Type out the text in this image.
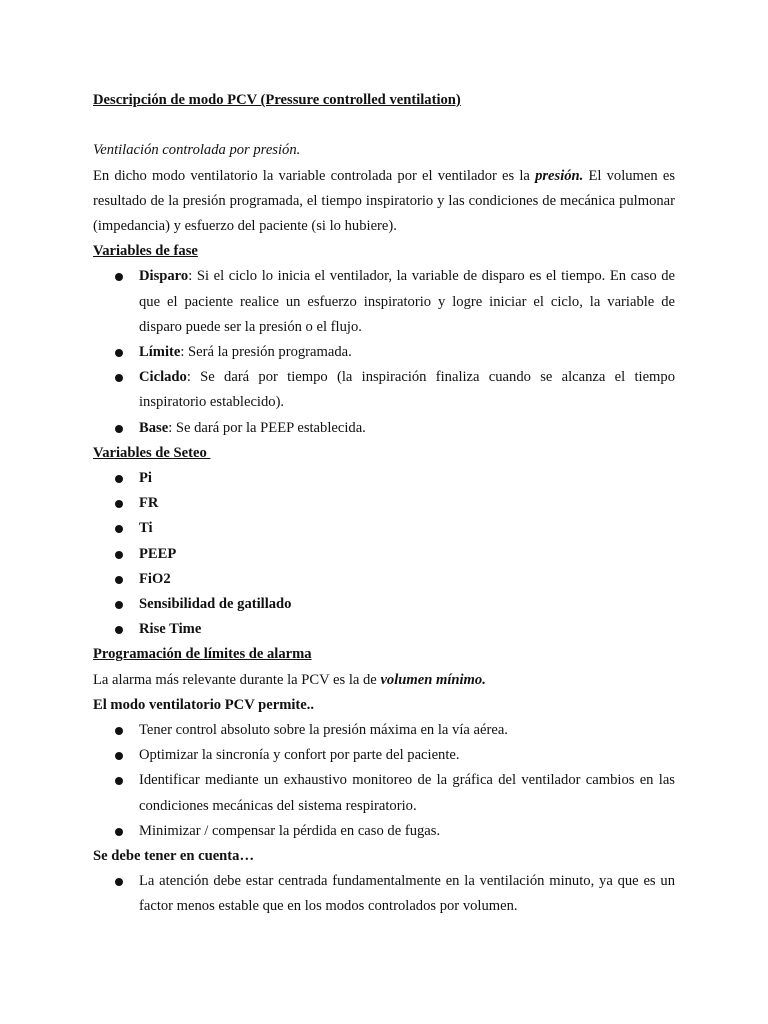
Descripción de modo PCV (Pressure controlled ventilation)

Ventilación controlada por presión.

En dicho modo ventilatorio la variable controlada por el ventilador es la presión. El volumen es resultado de la presión programada, el tiempo inspiratorio y las condiciones de mecánica pulmonar (impedancia) y esfuerzo del paciente (si lo hubiere).

Variables de fase

Disparo: Si el ciclo lo inicia el ventilador, la variable de disparo es el tiempo. En caso de que el paciente realice un esfuerzo inspiratorio y logre iniciar el ciclo, la variable de disparo puede ser la presión o el flujo.
Límite: Será la presión programada.
Ciclado: Se dará por tiempo (la inspiración finaliza cuando se alcanza el tiempo inspiratorio establecido).
Base: Se dará por la PEEP establecida.

Variables de Seteo

Pi
FR
Ti
PEEP
FiO2
Sensibilidad de gatillado
Rise Time

Programación de límites de alarma

La alarma más relevante durante la PCV es la de volumen mínimo.

El modo ventilatorio PCV permite..

Tener control absoluto sobre la presión máxima en la vía aérea.
Optimizar la sincronía y confort por parte del paciente.
Identificar mediante un exhaustivo monitoreo de la gráfica del ventilador cambios en las condiciones mecánicas del sistema respiratorio.
Minimizar / compensar la pérdida en caso de fugas.

Se debe tener en cuenta…

La atención debe estar centrada fundamentalmente en la ventilación minuto, ya que es un factor menos estable que en los modos controlados por volumen.
